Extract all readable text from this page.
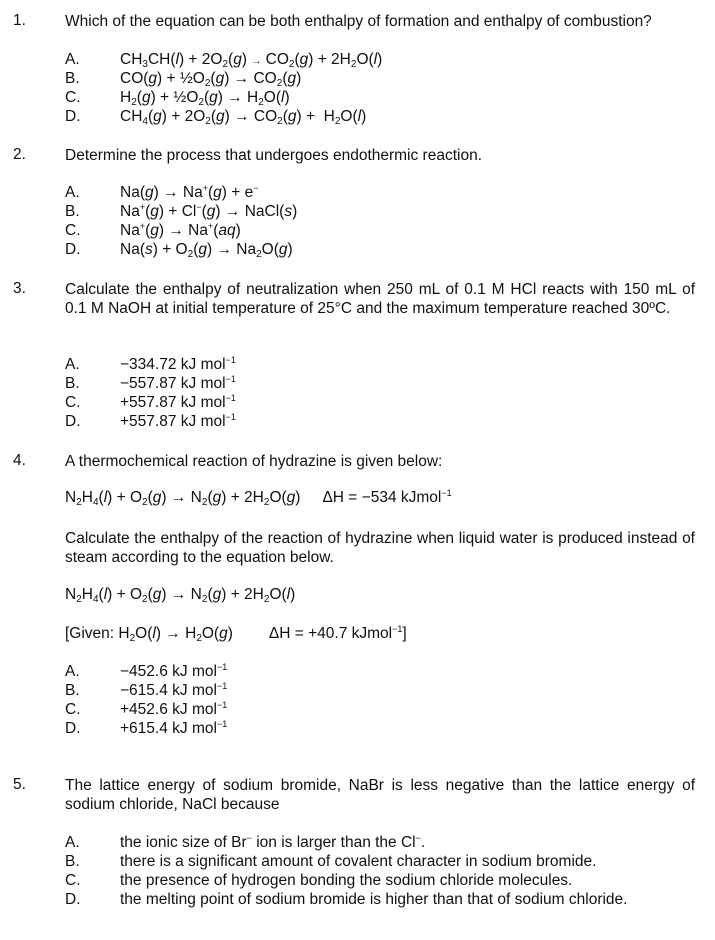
1.	Which of the equation can be both enthalpy of formation and enthalpy of combustion?
A.	$CH_3CH(l) + 2O_2(g) \to CO_2(g) + 2H_2O(l)$
B.	$CO(g) + \frac{1}{2}O_2(g) \to CO_2(g)$
C.	$H_2(g)$ + $\frac{1}{2}O_2(g) \to H_2O(l)$
D.	$CH_4(g) + 2O_2(g) \to CO_2(g) + H_2O(l)$
2.	Determine the process that undergoes endothermic reaction.
A.	Na(g) → Na+(g) + e−
B.	Na+(g) + Cl−(g) → NaCl(s)
C.	Na+(g) → Na+(aq)
D.	$Na(s) + O_2(g) \to Na_2O(g)$
3.	Calculate the enthalpy of neutralization when 250 mL of 0.1 M HCl reacts with 150 mL of 0.1 M NaOH at initial temperature of 25°C and the maximum temperature reached 30ºC.
A.	−334.72 kJ mol$^{-1}$
B.	−557.87 kJ mol$^{-1}$
C.	+557.87 kJ mol$^{-1}$
D.	+557.87 kJ mol$^{-1}$
4.	A thermochemical reaction of hydrazine is given below:
$N_2H_4(l) + O_2(g) \to N_2(g) + 2H_2O(g) \Delta H = -534$ kJmol$^{-1}$
Calculate the enthalpy of the reaction of hydrazine when liquid water is produced instead of steam according to the equation below.
$N_2H_4(l) + O_2(g) \to N_2(g) + 2H_2O(l)$
[Given: $H_2O(l) \to H_2O(g) \Delta H = +40.7$ kJmol$^{-1}$]
A.	−452.6 kJ mol$^{-1}$
B.	−615.4 kJ mol$^{-1}$
C.	+452.6 kJ mol$^{-1}$
D.	+615.4 kJ mol$^{-1}$
5.	The lattice energy of sodium bromide, NaBr is less negative than the lattice energy of sodium chloride, NaCl because
A.	the ionic size of Br− ion is larger than the Cl−.
B.	there is a significant amount of covalent character in sodium bromide.
C.	the presence of hydrogen bonding the sodium chloride molecules.
D.	the melting point of sodium bromide is higher than that of sodium chloride.
